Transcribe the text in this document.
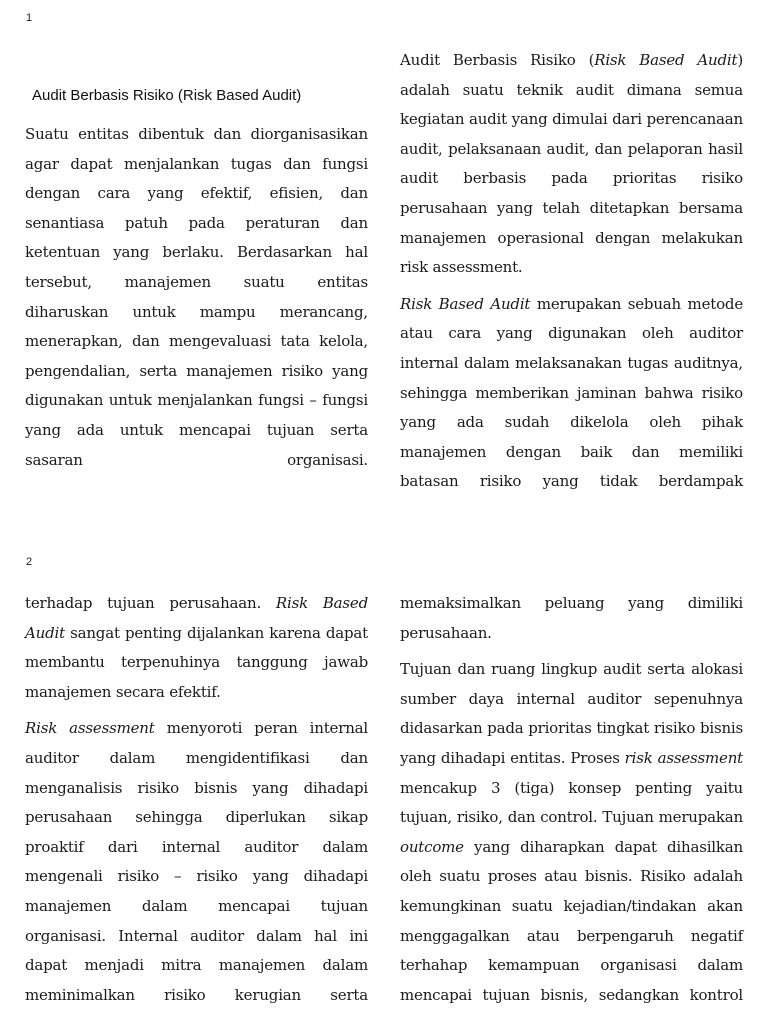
1
Audit Berbasis Risiko (Risk Based Audit)

Suatu entitas dibentuk dan diorganisasikan agar dapat menjalankan tugas dan fungsi dengan cara yang efektif, efisien, dan senantiasa patuh pada peraturan dan ketentuan yang berlaku. Berdasarkan hal tersebut, manajemen suatu entitas diharuskan untuk mampu merancang, menerapkan, dan mengevaluasi tata kelola, pengendalian, serta manajemen risiko yang digunakan untuk menjalankan fungsi – fungsi yang ada untuk mencapai tujuan serta sasaran organisasi.

Audit Berbasis Risiko (Risk Based Audit) adalah suatu teknik audit dimana semua kegiatan audit yang dimulai dari perencanaan audit, pelaksanaan audit, dan pelaporan hasil audit berbasis pada prioritas risiko perusahaan yang telah ditetapkan bersama manajemen operasional dengan melakukan risk assessment.

Risk Based Audit merupakan sebuah metode atau cara yang digunakan oleh auditor internal dalam melaksanakan tugas auditnya, sehingga memberikan jaminan bahwa risiko yang ada sudah dikelola oleh pihak manajemen dengan baik dan memiliki batasan risiko yang tidak berdampak

2

terhadap tujuan perusahaan. Risk Based Audit sangat penting dijalankan karena dapat membantu terpenuhinya tanggung jawab manajemen secara efektif.

Risk assessment menyoroti peran internal auditor dalam mengidentifikasi dan menganalisis risiko bisnis yang dihadapi perusahaan sehingga diperlukan sikap proaktif dari internal auditor dalam mengenali risiko – risiko yang dihadapi manajemen dalam mencapai tujuan organisasi. Internal auditor dalam hal ini dapat menjadi mitra manajemen dalam meminimalkan risiko kerugian serta

memaksimalkan peluang yang dimiliki perusahaan.

Tujuan dan ruang lingkup audit serta alokasi sumber daya internal auditor sepenuhnya didasarkan pada prioritas tingkat risiko bisnis yang dihadapi entitas. Proses risk assessment mencakup 3 (tiga) konsep penting yaitu tujuan, risiko, dan control. Tujuan merupakan outcome yang diharapkan dapat dihasilkan oleh suatu proses atau bisnis. Risiko adalah kemungkinan suatu kejadian/tindakan akan menggagalkan atau berpengaruh negatif terhahap kemampuan organisasi dalam mencapai tujuan bisnis, sedangkan kontrol
